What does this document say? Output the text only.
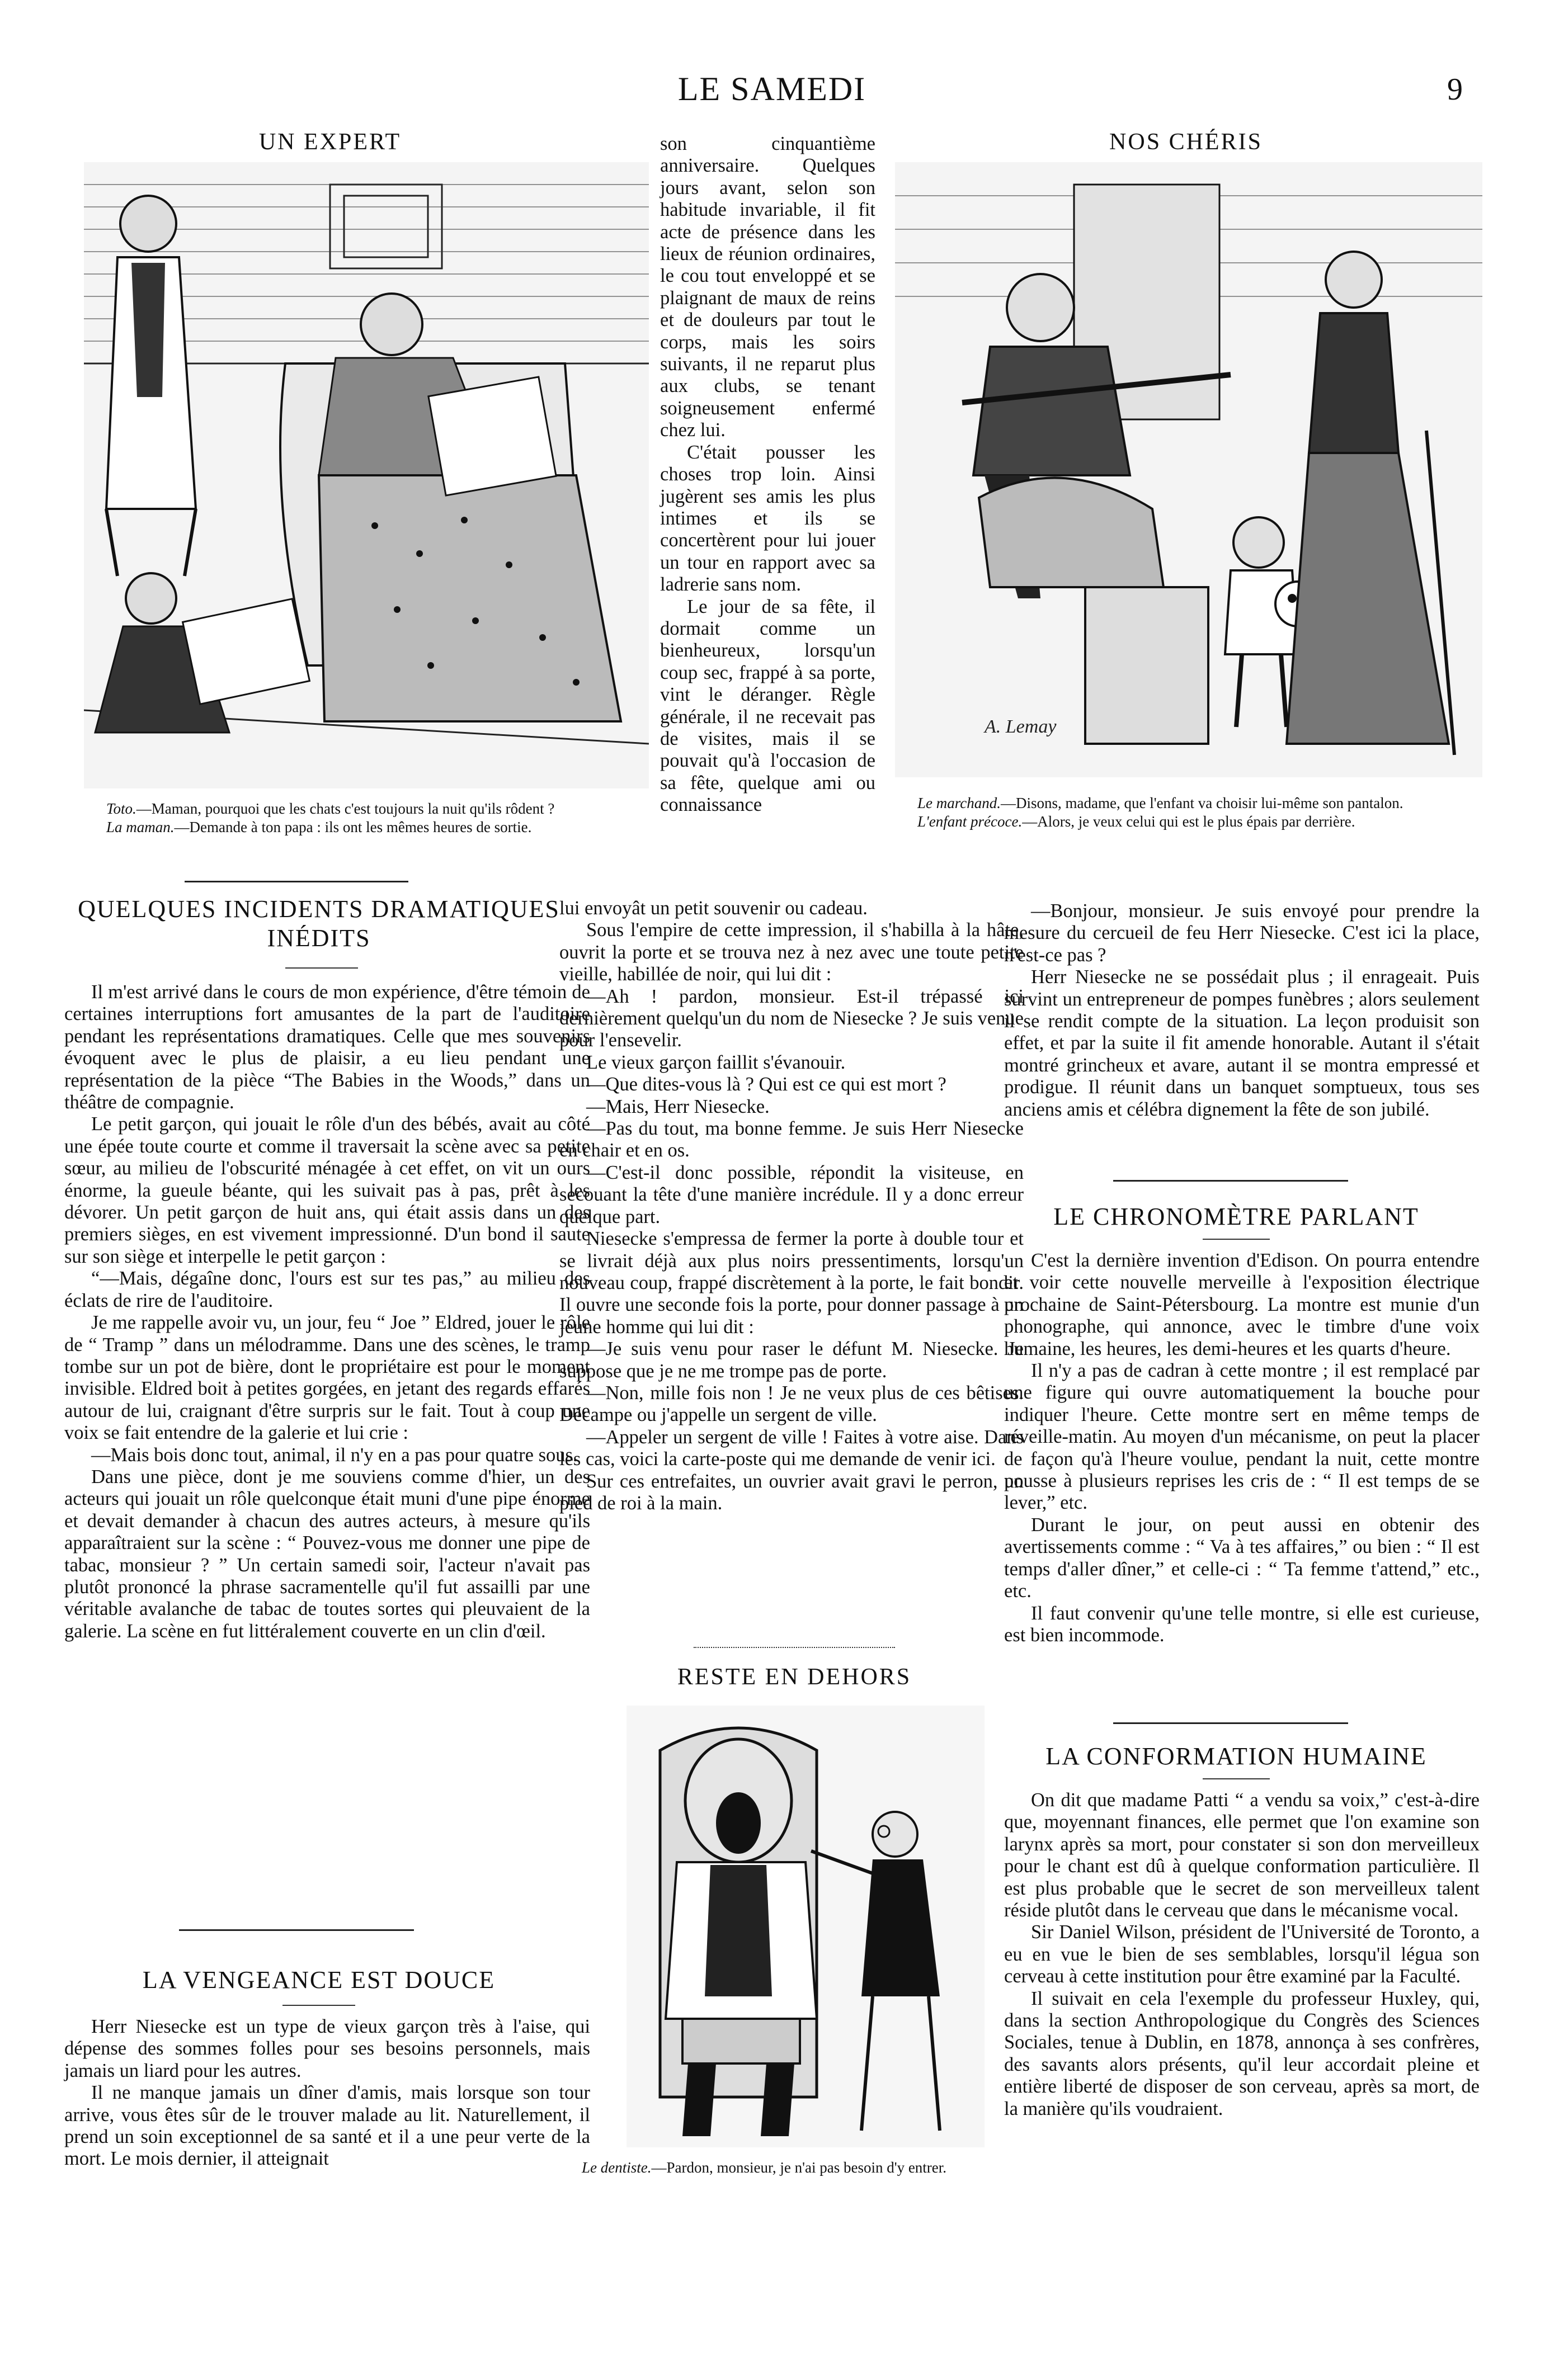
LE SAMEDI	9
UN EXPERT

Toto.—Maman, pourquoi que les chats c'est toujours la nuit qu'ils rôdent ?

La maman.—Demande à ton papa : ils ont les mêmes heures de sortie.

QUELQUES INCIDENTS DRAMATIQUES INÉDITS

Il m'est arrivé dans le cours de mon expérience, d'être témoin de certaines interruptions fort amusantes de la part de l'auditoire pendant les représentations dramatiques. Celle que mes souvenirs évoquent avec le plus de plaisir, a eu lieu pendant une représentation de la pièce “The Babies in the Woods,” dans un théâtre de compagnie.

Le petit garçon, qui jouait le rôle d'un des bébés, avait au côté une épée toute courte et comme il traversait la scène avec sa petite sœur, au milieu de l'obscurité ménagée à cet effet, on vit un ours énorme, la gueule béante, qui les suivait pas à pas, prêt à les dévorer. Un petit garçon de huit ans, qui était assis dans un des premiers sièges, en est vivement impressionné. D'un bond il saute sur son siège et interpelle le petit garçon :

“—Mais, dégaîne donc, l'ours est sur tes pas,” au milieu des éclats de rire de l'auditoire.

Je me rappelle avoir vu, un jour, feu “ Joe ” Eldred, jouer le rôle de “ Tramp ” dans un mélodramme. Dans une des scènes, le tramp tombe sur un pot de bière, dont le propriétaire est pour le moment invisible. Eldred boit à petites gorgées, en jetant des regards effarés autour de lui, craignant d'être surpris sur le fait. Tout à coup une voix se fait entendre de la galerie et lui crie :

—Mais bois donc tout, animal, il n'y en a pas pour quatre sous.

Dans une pièce, dont je me souviens comme d'hier, un des acteurs qui jouait un rôle quelconque était muni d'une pipe énorme et devait demander à chacun des autres acteurs, à mesure qu'ils apparaîtraient sur la scène : “ Pouvez-vous me donner une pipe de tabac, monsieur ? ” Un certain samedi soir, l'acteur n'avait pas plutôt prononcé la phrase sacramentelle qu'il fut assailli par une véritable avalanche de tabac de toutes sortes qui pleuvaient de la galerie. La scène en fut littéralement couverte en un clin d'œil.

LA VENGEANCE EST DOUCE

Herr Niesecke est un type de vieux garçon très à l'aise, qui dépense des sommes folles pour ses besoins personnels, mais jamais un liard pour les autres.

Il ne manque jamais un dîner d'amis, mais lorsque son tour arrive, vous êtes sûr de le trouver malade au lit. Naturellement, il prend un soin exceptionnel de sa santé et il a une peur verte de la mort. Le mois dernier, il atteignait

son cinquantième anniversaire. Quelques jours avant, selon son habitude invariable, il fit acte de présence dans les lieux de réunion ordinaires, le cou tout enveloppé et se plaignant de maux de reins et de douleurs par tout le corps, mais les soirs suivants, il ne reparut plus aux clubs, se tenant soigneusement enfermé chez lui.

C'était pousser les choses trop loin. Ainsi jugèrent ses amis les plus intimes et ils se concertèrent pour lui jouer un tour en rapport avec sa ladrerie sans nom.

Le jour de sa fête, il dormait comme un bienheureux, lorsqu'un coup sec, frappé à sa porte, vint le déranger. Règle générale, il ne recevait pas de visites, mais il se pouvait qu'à l'occasion de sa fête, quelque ami ou connaissance

lui envoyât un petit souvenir ou cadeau.

Sous l'empire de cette impression, il s'habilla à la hâte, ouvrit la porte et se trouva nez à nez avec une toute petite vieille, habillée de noir, qui lui dit :

—Ah ! pardon, monsieur. Est-il trépassé ici dernièrement quelqu'un du nom de Niesecke ? Je suis venue pour l'ensevelir.

Le vieux garçon faillit s'évanouir.

—Que dites-vous là ? Qui est ce qui est mort ?

—Mais, Herr Niesecke.

—Pas du tout, ma bonne femme. Je suis Herr Niesecke en chair et en os.

—C'est-il donc possible, répondit la visiteuse, en secouant la tête d'une manière incrédule. Il y a donc erreur quelque part.

Niesecke s'empressa de fermer la porte à double tour et se livrait déjà aux plus noirs pressentiments, lorsqu'un nouveau coup, frappé discrètement à la porte, le fait bondir. Il ouvre une seconde fois la porte, pour donner passage à un jeune homme qui lui dit :

—Je suis venu pour raser le défunt M. Niesecke. Je suppose que je ne me trompe pas de porte.

—Non, mille fois non ! Je ne veux plus de ces bêtises. Décampe ou j'appelle un sergent de ville.

—Appeler un sergent de ville ! Faites à votre aise. Dans les cas, voici la carte-poste qui me demande de venir ici.

Sur ces entrefaites, un ouvrier avait gravi le perron, un pied de roi à la main.

RESTE EN DEHORS

Le dentiste.—Pardon, monsieur, je n'ai pas besoin d'y entrer.

NOS CHÉRIS
A. Lemay

Le marchand.—Disons, madame, que l'enfant va choisir lui-même son pantalon.

L'enfant précoce.—Alors, je veux celui qui est le plus épais par derrière.

—Bonjour, monsieur. Je suis envoyé pour prendre la mesure du cercueil de feu Herr Niesecke. C'est ici la place, n'est-ce pas ?

Herr Niesecke ne se possédait plus ; il enrageait. Puis survint un entrepreneur de pompes funèbres ; alors seulement il se rendit compte de la situation. La leçon produisit son effet, et par la suite il fit amende honorable. Autant il s'était montré grincheux et avare, autant il se montra empressé et prodigue. Il réunit dans un banquet somptueux, tous ses anciens amis et célébra dignement la fête de son jubilé.

LE CHRONOMÈTRE PARLANT

C'est la dernière invention d'Edison. On pourra entendre et voir cette nouvelle merveille à l'exposition électrique prochaine de Saint-Pétersbourg. La montre est munie d'un phonographe, qui annonce, avec le timbre d'une voix humaine, les heures, les demi-heures et les quarts d'heure.

Il n'y a pas de cadran à cette montre ; il est remplacé par une figure qui ouvre automatiquement la bouche pour indiquer l'heure. Cette montre sert en même temps de réveille-matin. Au moyen d'un mécanisme, on peut la placer de façon qu'à l'heure voulue, pendant la nuit, cette montre pousse à plusieurs reprises les cris de : “ Il est temps de se lever,” etc.

Durant le jour, on peut aussi en obtenir des avertissements comme : “ Va à tes affaires,” ou bien : “ Il est temps d'aller dîner,” et celle-ci : “ Ta femme t'attend,” etc., etc.

Il faut convenir qu'une telle montre, si elle est curieuse, est bien incommode.

LA CONFORMATION HUMAINE

On dit que madame Patti “ a vendu sa voix,” c'est-à-dire que, moyennant finances, elle permet que l'on examine son larynx après sa mort, pour constater si son don merveilleux pour le chant est dû à quelque conformation particulière. Il est plus probable que le secret de son merveilleux talent réside plutôt dans le cerveau que dans le mécanisme vocal.

Sir Daniel Wilson, président de l'Université de Toronto, a eu en vue le bien de ses semblables, lorsqu'il légua son cerveau à cette institution pour être examiné par la Faculté.

Il suivait en cela l'exemple du professeur Huxley, qui, dans la section Anthropologique du Congrès des Sciences Sociales, tenue à Dublin, en 1878, annonça à ses confrères, des savants alors présents, qu'il leur accordait pleine et entière liberté de disposer de son cerveau, après sa mort, de la manière qu'ils voudraient.
